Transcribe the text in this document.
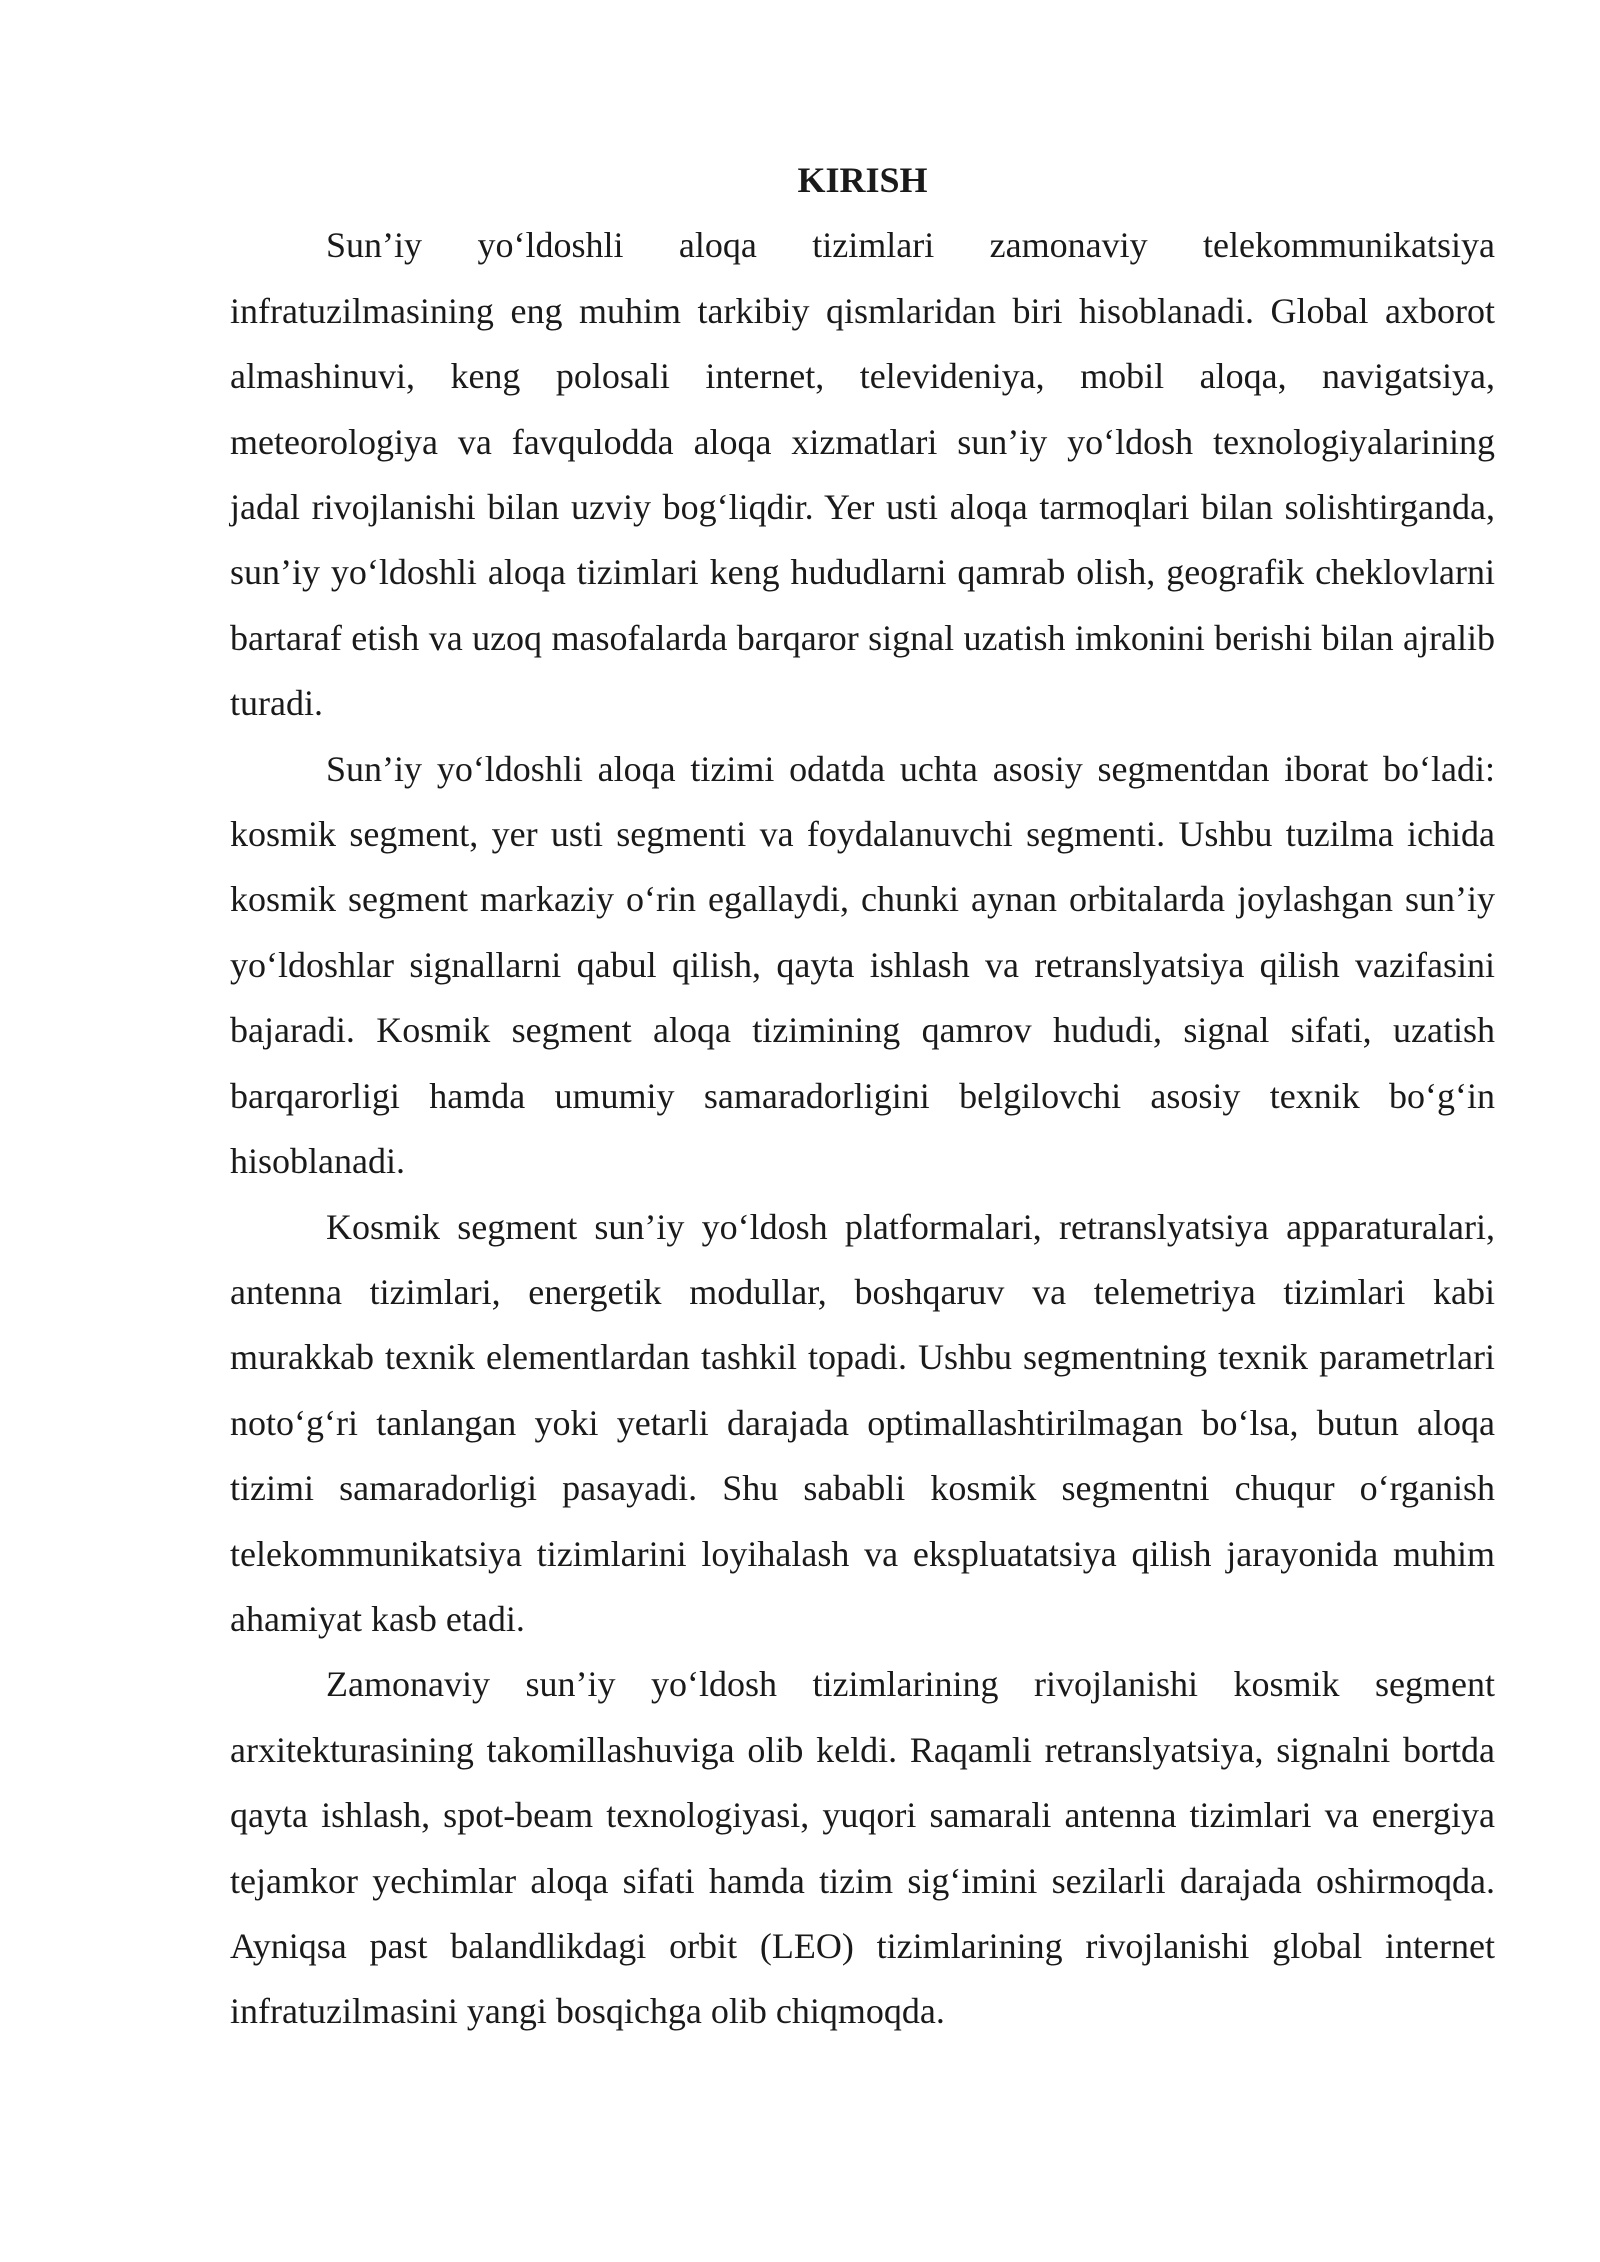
KIRISH

Sun’iy yo‘ldoshli aloqa tizimlari zamonaviy telekommunikatsiya infratuzilmasining eng muhim tarkibiy qismlaridan biri hisoblanadi. Global axborot almashinuvi, keng polosali internet, televideniya, mobil aloqa, navigatsiya, meteorologiya va favqulodda aloqa xizmatlari sun’iy yo‘ldosh texnologiyalarining jadal rivojlanishi bilan uzviy bog‘liqdir. Yer usti aloqa tarmoqlari bilan solishtirganda, sun’iy yo‘ldoshli aloqa tizimlari keng hududlarni qamrab olish, geografik cheklovlarni bartaraf etish va uzoq masofalarda barqaror signal uzatish imkonini berishi bilan ajralib turadi.

Sun’iy yo‘ldoshli aloqa tizimi odatda uchta asosiy segmentdan iborat bo‘ladi: kosmik segment, yer usti segmenti va foydalanuvchi segmenti. Ushbu tuzilma ichida kosmik segment markaziy o‘rin egallaydi, chunki aynan orbitalarda joylashgan sun’iy yo‘ldoshlar signallarni qabul qilish, qayta ishlash va retranslyatsiya qilish vazifasini bajaradi. Kosmik segment aloqa tizimining qamrov hududi, signal sifati, uzatish barqarorligi hamda umumiy samaradorligini belgilovchi asosiy texnik bo‘g‘in hisoblanadi.

Kosmik segment sun’iy yo‘ldosh platformalari, retranslyatsiya apparaturalari, antenna tizimlari, energetik modullar, boshqaruv va telemetriya tizimlari kabi murakkab texnik elementlardan tashkil topadi. Ushbu segmentning texnik parametrlari noto‘g‘ri tanlangan yoki yetarli darajada optimallashtirilmagan bo‘lsa, butun aloqa tizimi samaradorligi pasayadi. Shu sababli kosmik segmentni chuqur o‘rganish telekommunikatsiya tizimlarini loyihalash va ekspluatatsiya qilish jarayonida muhim ahamiyat kasb etadi.

Zamonaviy sun’iy yo‘ldosh tizimlarining rivojlanishi kosmik segment arxitekturasining takomillashuviga olib keldi. Raqamli retranslyatsiya, signalni bortda qayta ishlash, spot-beam texnologiyasi, yuqori samarali antenna tizimlari va energiya tejamkor yechimlar aloqa sifati hamda tizim sig‘imini sezilarli darajada oshirmoqda. Ayniqsa past balandlikdagi orbit (LEO) tizimlarining rivojlanishi global internet infratuzilmasini yangi bosqichga olib chiqmoqda.
